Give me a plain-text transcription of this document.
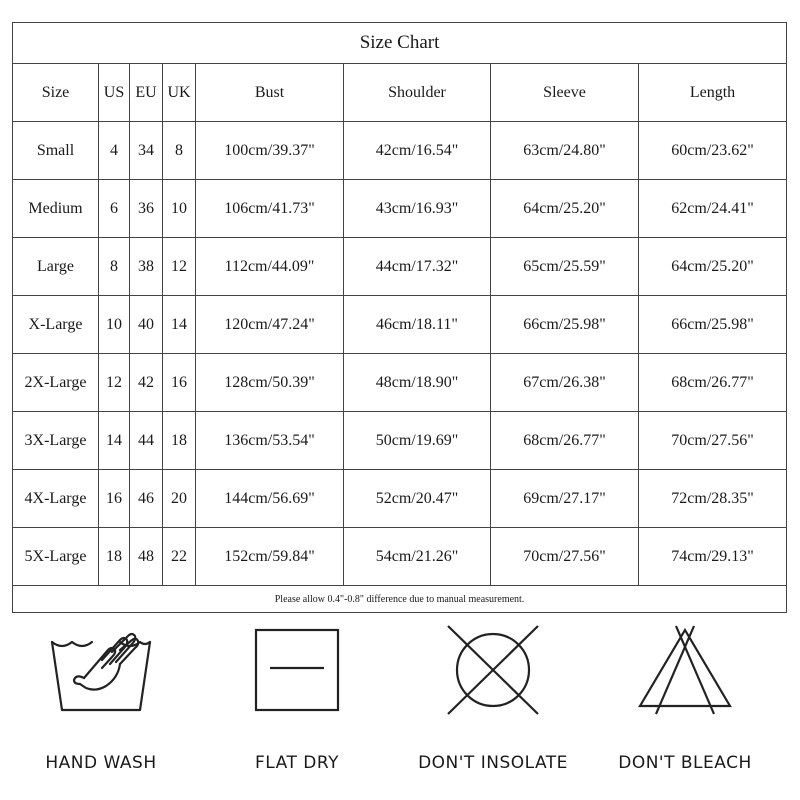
Size Chart							
Size	US	EU	UK	Bust	Shoulder	Sleeve	Length
Small	4	34	8	100cm/39.37"	42cm/16.54"	63cm/24.80"	60cm/23.62"
Medium	6	36	10	106cm/41.73"	43cm/16.93"	64cm/25.20"	62cm/24.41"
Large	8	38	12	112cm/44.09"	44cm/17.32"	65cm/25.59"	64cm/25.20"
X-Large	10	40	14	120cm/47.24"	46cm/18.11"	66cm/25.98"	66cm/25.98"
2X-Large	12	42	16	128cm/50.39"	48cm/18.90"	67cm/26.38"	68cm/26.77"
3X-Large	14	44	18	136cm/53.54"	50cm/19.69"	68cm/26.77"	70cm/27.56"
4X-Large	16	46	20	144cm/56.69"	52cm/20.47"	69cm/27.17"	72cm/28.35"
5X-Large	18	48	22	152cm/59.84"	54cm/21.26"	70cm/27.56"	74cm/29.13"
Please allow 0.4"-0.8" difference due to manual measurement.							
HAND WASH	FLAT DRY	DON'T INSOLATE	DON'T BLEACH
